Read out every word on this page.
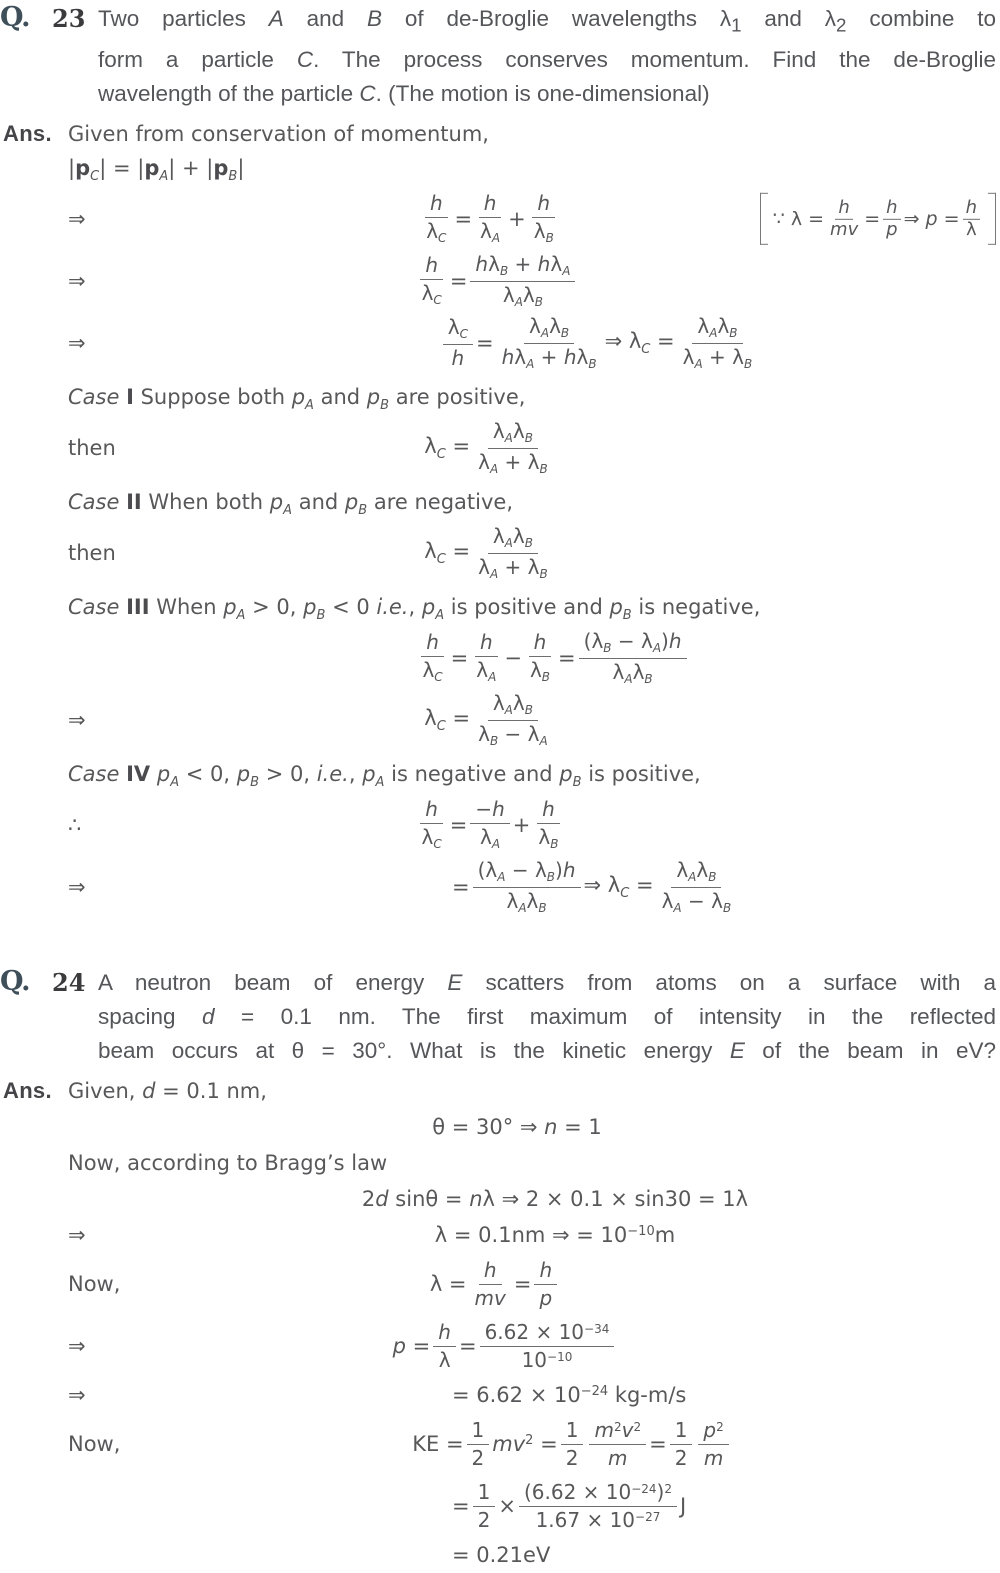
Q. 23 Two particles A and B of de-Broglie wavelengths $\lambda_1$ and $\lambda_2$ combine to
form a particle C. The process conserves momentum. Find the de-Broglie
wavelength of the particle C. (The motion is one-dimensional)
Ans. Given from conservation of momentum,
$|p_C| = |p_A| + |p_B|$
⇒	$\frac{h}{\lambda_C} = \frac{h}{\lambda_A} + \frac{h}{\lambda_B}$	∵ $\lambda = \frac{h}{mv} = \frac{h}{p}$ ⇒ $p = \frac{h}{\lambda}$
⇒	$\frac{h}{\lambda_C} = \frac{h\lambda_B + h\lambda_A}{\lambda_A\lambda_B}$
⇒	$\frac{\lambda_C}{h} = \frac{\lambda_A\lambda_B}{h\lambda_A + h\lambda_B}$ ⇒ $\lambda_C = \frac{\lambda_A\lambda_B}{\lambda_A + \lambda_B}$
Case I Suppose both $p_A$ and $p_B$ are positive,
then	$\lambda_C = \frac{\lambda_A\lambda_B}{\lambda_A + \lambda_B}$
Case II When both $p_A$ and $p_B$ are negative,
then	$\lambda_C = \frac{\lambda_A\lambda_B}{\lambda_A + \lambda_B}$
Case III When $p_A > 0$, $p_B < 0$ i.e., $p_A$ is positive and $p_B$ is negative,
$\frac{h}{\lambda_C} = \frac{h}{\lambda_A} - \frac{h}{\lambda_B} = \frac{(\lambda_B - \lambda_A)h}{\lambda_A\lambda_B}$
⇒	$\lambda_C = \frac{\lambda_A\lambda_B}{\lambda_B - \lambda_A}$
Case IV $p_A < 0$, $p_B > 0$, i.e., $p_A$ is negative and $p_B$ is positive,
∴	$\frac{h}{\lambda_C} = \frac{-h}{\lambda_A} + \frac{h}{\lambda_B}$
⇒	= $\frac{(\lambda_A - \lambda_B)h}{\lambda_A\lambda_B}$ ⇒ $\lambda_C = \frac{\lambda_A\lambda_B}{\lambda_A - \lambda_B}$
Q. 24 A neutron beam of energy E scatters from atoms on a surface with a
spacing d = 0.1 nm. The first maximum of intensity in the reflected
beam occurs at θ = 30°. What is the kinetic energy E of the beam in eV?
Ans. Given, d = 0.1 nm,
θ = 30° ⇒ n = 1
Now, according to Bragg’s law
2d sinθ = nλ ⇒ 2 × 0.1 × sin30 = 1λ
⇒	λ = 0.1nm ⇒ = $10^{-10}m$
Now,	$\lambda = \frac{h}{mv} = \frac{h}{p}$
⇒	$p = \frac{h}{\lambda} = \frac{6.62 \times 10^{-34}}{10^{-10}}$
⇒	= $6.62 \times 10^{-24}$ kg-m/s
Now,	KE = $\frac{1}{2} mv^2 = \frac{1}{2} \frac{m^2v^2}{m} = \frac{1}{2} \frac{p^2}{m}$
= $\frac{1}{2} \times \frac{(6.62 \times 10^{-24})^2}{1.67 \times 10^{-27}}$ J
= 0.21eV
